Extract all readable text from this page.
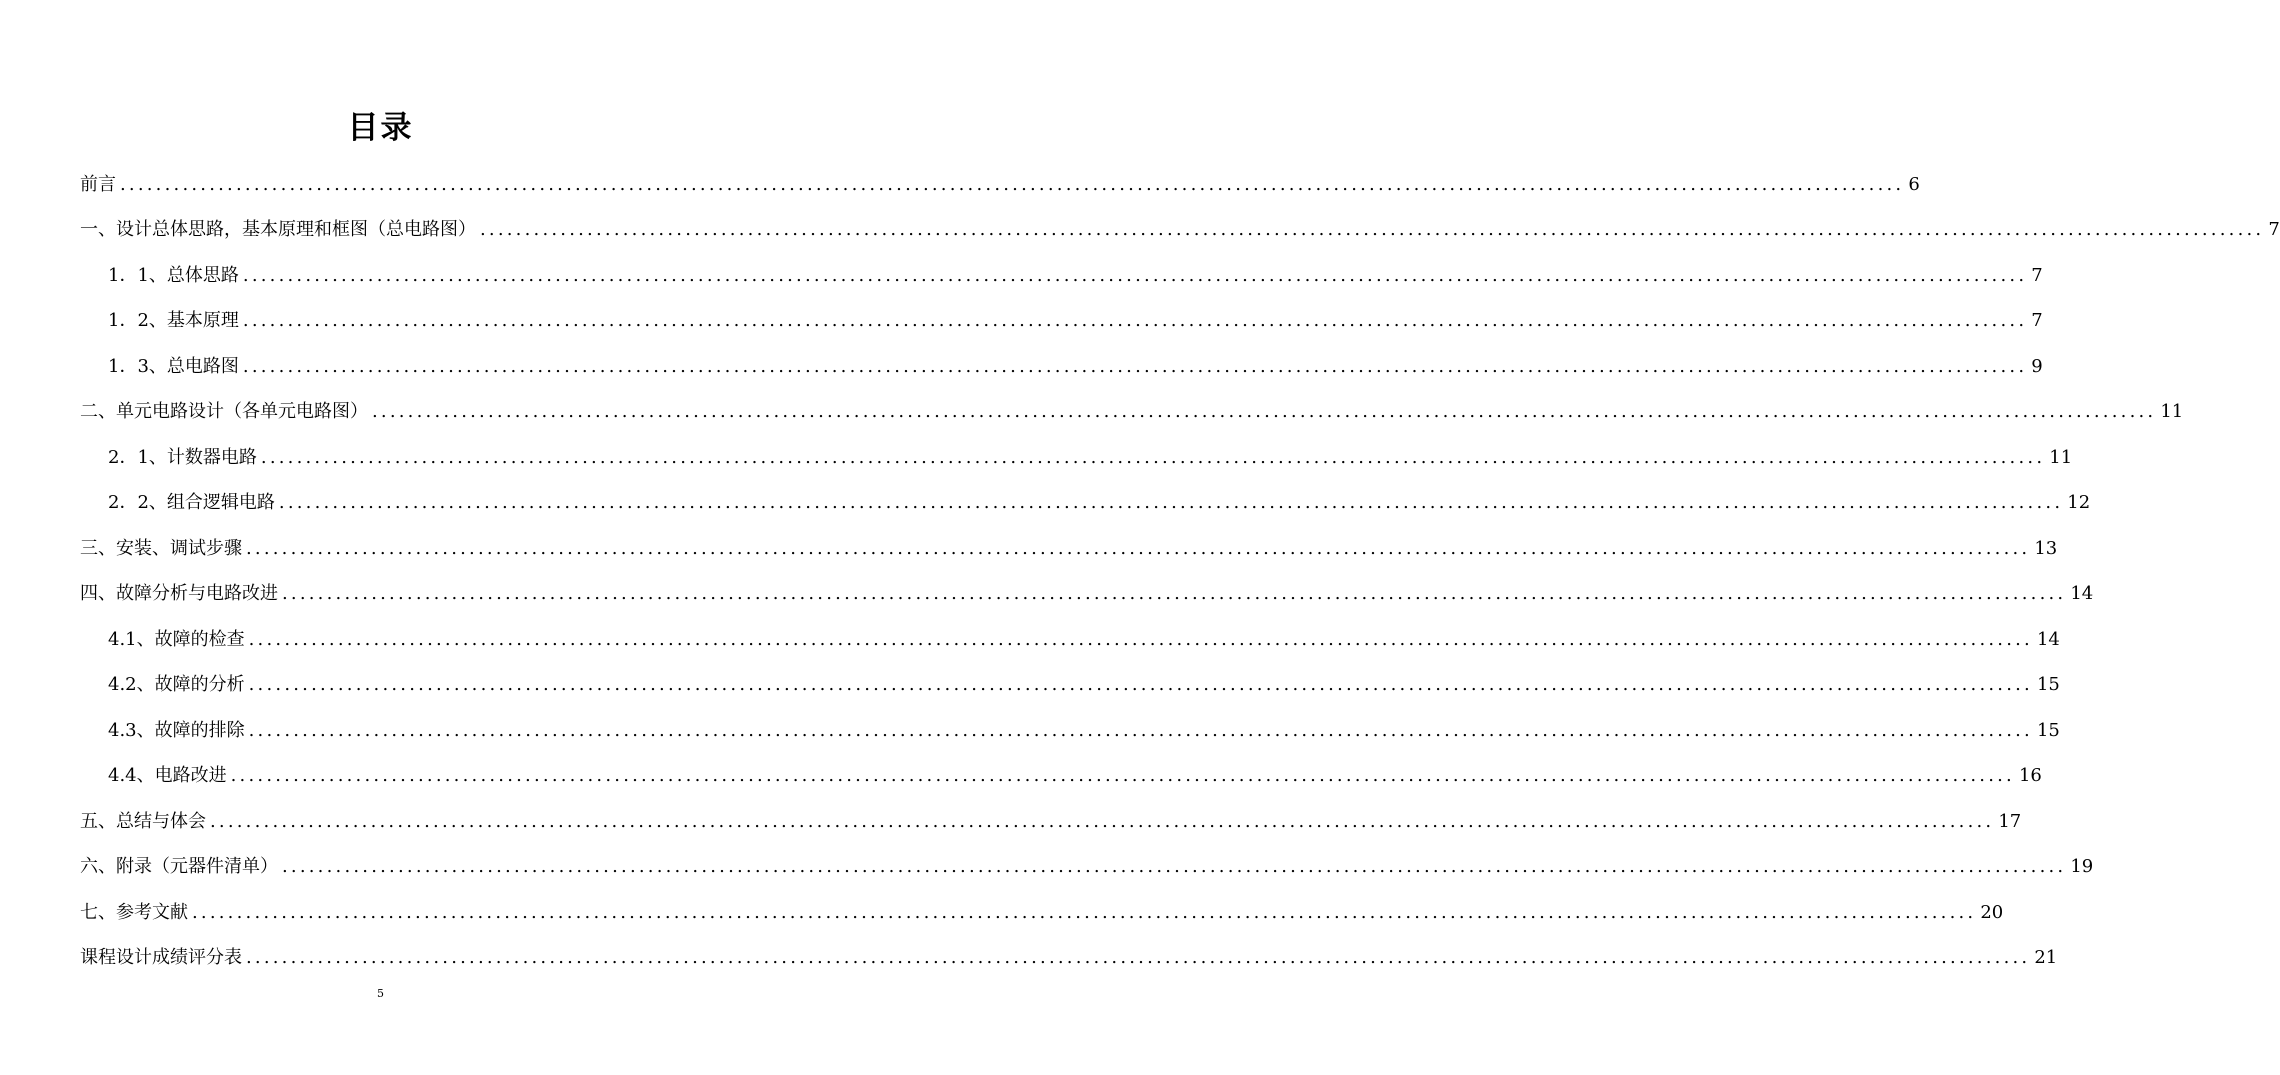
目录
前言 ........................................................................................................................................................................................................ 6
一、设计总体思路，基本原理和框图（总电路图） ........................................................................................................................................................................................................ 7
1．1、总体思路 ........................................................................................................................................................................................................ 7
1．2、基本原理 ........................................................................................................................................................................................................ 7
1．3、总电路图 ........................................................................................................................................................................................................ 9
二、单元电路设计（各单元电路图） ........................................................................................................................................................................................................ 11
2．1、计数器电路 ........................................................................................................................................................................................................ 11
2．2、组合逻辑电路 ........................................................................................................................................................................................................ 12
三、安装、调试步骤 ........................................................................................................................................................................................................ 13
四、故障分析与电路改进 ........................................................................................................................................................................................................ 14
4.1、故障的检查 ........................................................................................................................................................................................................ 14
4.2、故障的分析 ........................................................................................................................................................................................................ 15
4.3、故障的排除 ........................................................................................................................................................................................................ 15
4.4、电路改进 ........................................................................................................................................................................................................ 16
五、总结与体会 ........................................................................................................................................................................................................ 17
六、附录（元器件清单） ........................................................................................................................................................................................................ 19
七、参考文献 ........................................................................................................................................................................................................ 20
课程设计成绩评分表 ........................................................................................................................................................................................................ 21
5
